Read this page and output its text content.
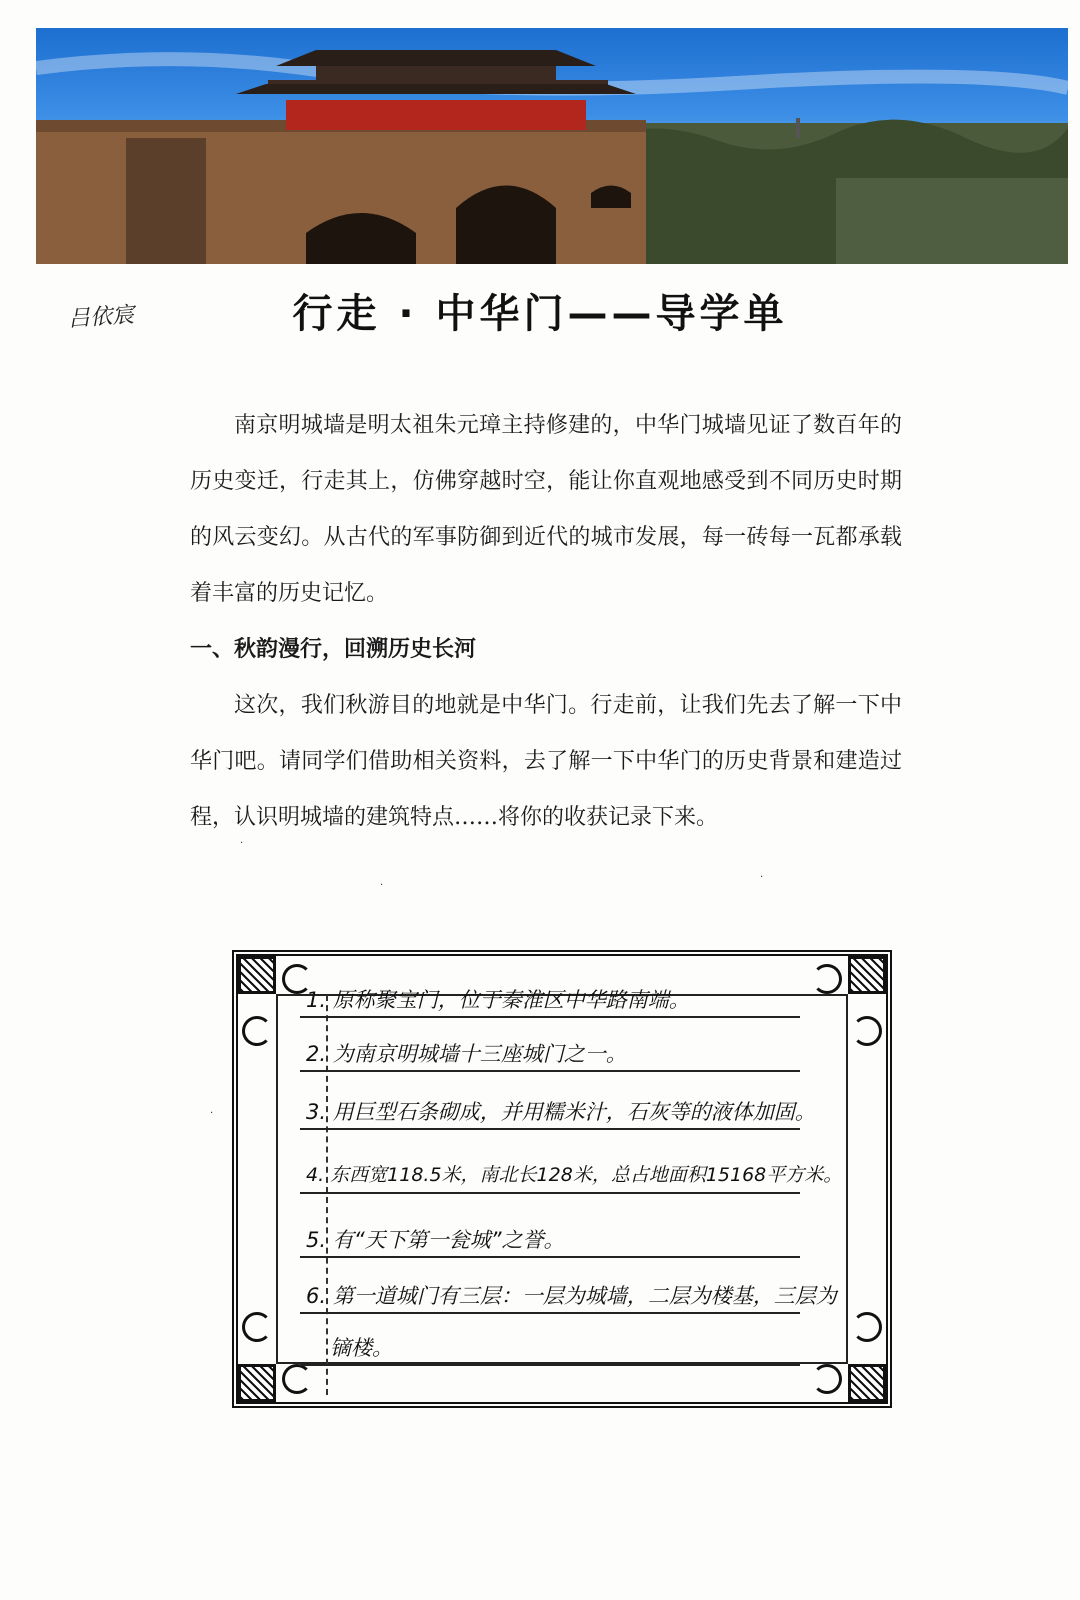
吕依宸	行走 · 中华门——导学单

南京明城墙是明太祖朱元璋主持修建的，中华门城墙见证了数百年的历史变迁，行走其上，仿佛穿越时空，能让你直观地感受到不同历史时期的风云变幻。从古代的军事防御到近代的城市发展，每一砖每一瓦都承载着丰富的历史记忆。

一、秋韵漫行，回溯历史长河

这次，我们秋游目的地就是中华门。行走前，让我们先去了解一下中华门吧。请同学们借助相关资料，去了解一下中华门的历史背景和建造过程，认识明城墙的建筑特点……将你的收获记录下来。

·
·
·
·
1. 原称聚宝门，位于秦淮区中华路南端。
2. 为南京明城墙十三座城门之一。
3. 用巨型石条砌成，并用糯米汁，石灰等的液体加固。
4. 东西宽118.5米，南北长128米，总占地面积15168平方米。
5. 有“天下第一瓮城”之誉。
6. 第一道城门有三层：一层为城墙，二层为楼基，三层为
镝楼。
